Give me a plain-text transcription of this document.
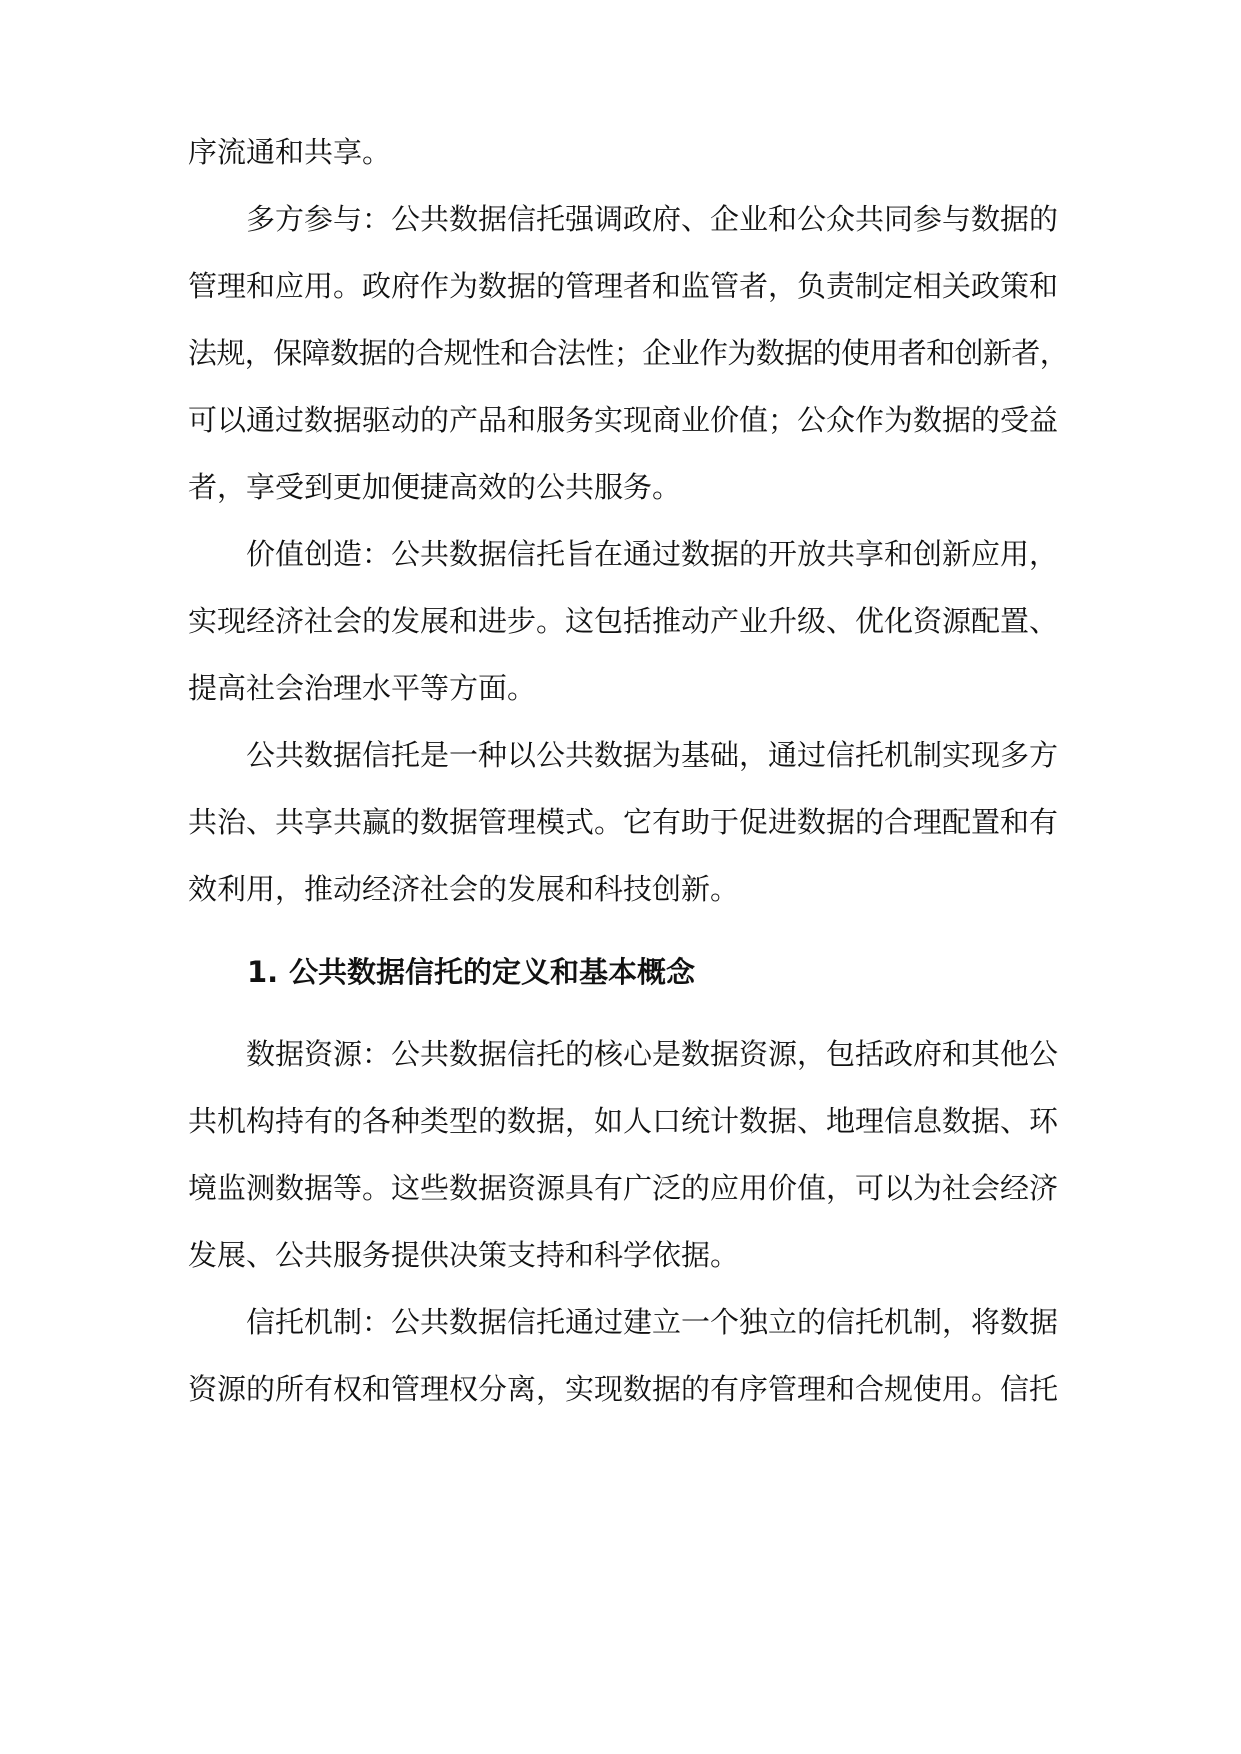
序流通和共享。
　　多方参与：公共数据信托强调政府、企业和公众共同参与数据的
管理和应用。政府作为数据的管理者和监管者，负责制定相关政策和
法规，保障数据的合规性和合法性；企业作为数据的使用者和创新者，
可以通过数据驱动的产品和服务实现商业价值；公众作为数据的受益
者，享受到更加便捷高效的公共服务。
　　价值创造：公共数据信托旨在通过数据的开放共享和创新应用，
实现经济社会的发展和进步。这包括推动产业升级、优化资源配置、
提高社会治理水平等方面。
　　公共数据信托是一种以公共数据为基础，通过信托机制实现多方
共治、共享共赢的数据管理模式。它有助于促进数据的合理配置和有
效利用，推动经济社会的发展和科技创新。
1. 公共数据信托的定义和基本概念
　　数据资源：公共数据信托的核心是数据资源，包括政府和其他公
共机构持有的各种类型的数据，如人口统计数据、地理信息数据、环
境监测数据等。这些数据资源具有广泛的应用价值，可以为社会经济
发展、公共服务提供决策支持和科学依据。
　　信托机制：公共数据信托通过建立一个独立的信托机制，将数据
资源的所有权和管理权分离，实现数据的有序管理和合规使用。信托
